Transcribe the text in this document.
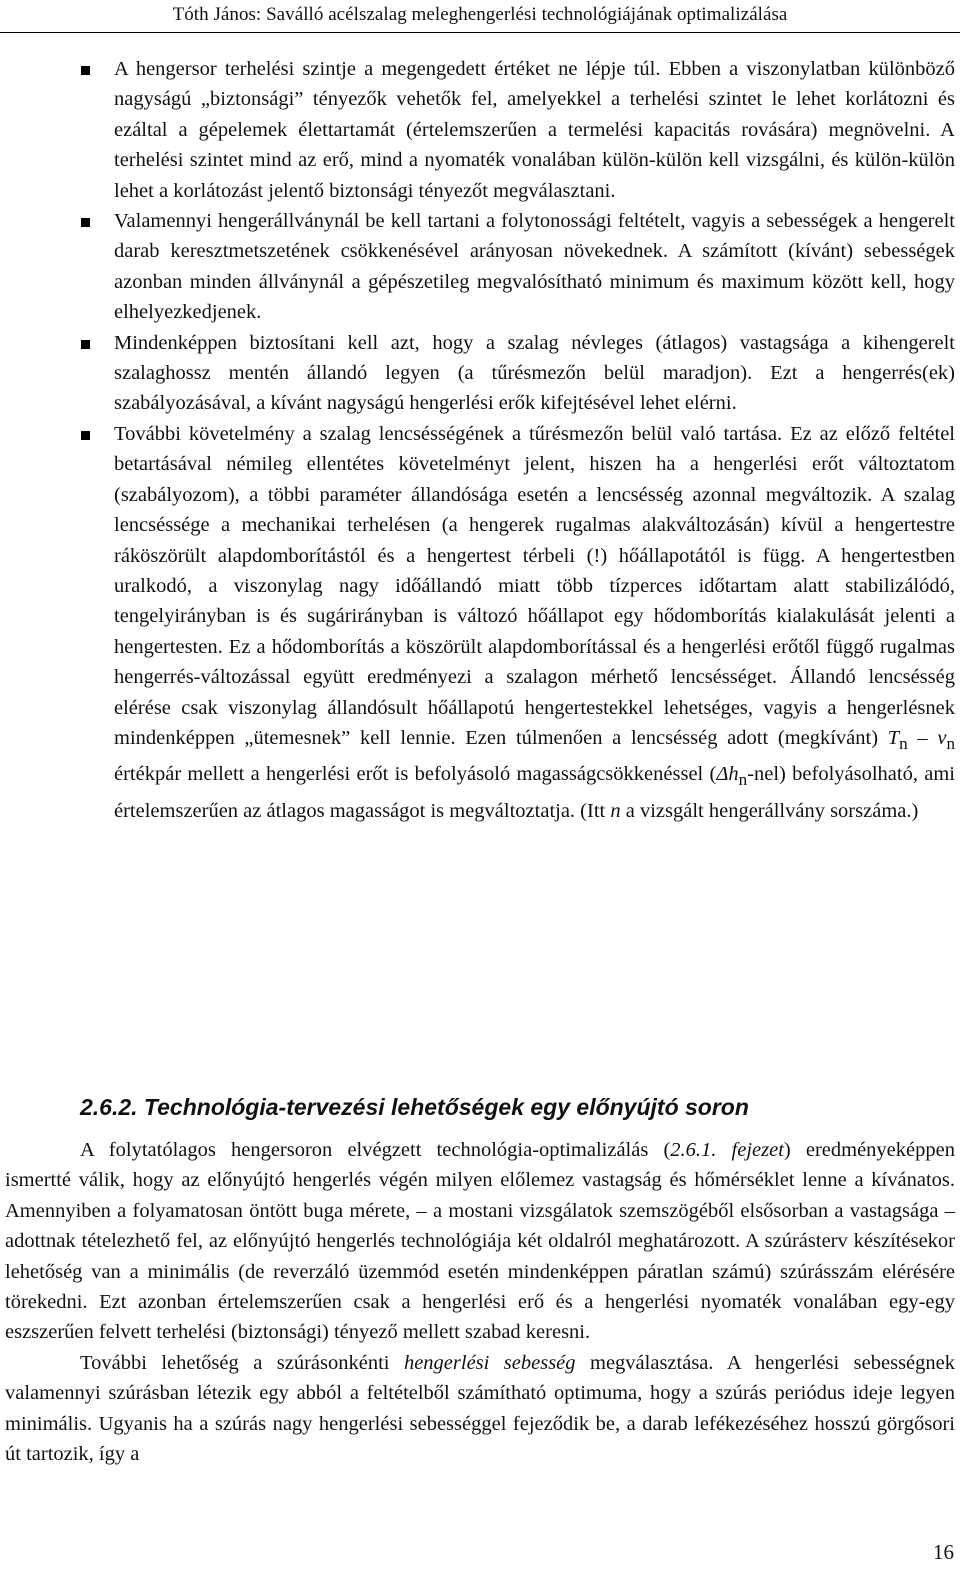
Tóth János: Saválló acélszalag meleghengerlési technológiájának optimalizálása

A hengersor terhelési szintje a megengedett értéket ne lépje túl. Ebben a viszonylatban különböző nagyságú „biztonsági” tényezők vehetők fel, amelyekkel a terhelési szintet le lehet korlátozni és ezáltal a gépelemek élettartamát (értelemszerűen a termelési kapacitás rovására) megnövelni. A terhelési szintet mind az erő, mind a nyomaték vonalában külön-külön kell vizsgálni, és külön-külön lehet a korlátozást jelentő biztonsági tényezőt megválasztani.

Valamennyi hengerállványnál be kell tartani a folytonossági feltételt, vagyis a sebességek a hengerelt darab keresztmetszetének csökkenésével arányosan növekednek. A számított (kívánt) sebességek azonban minden állványnál a gépészetileg megvalósítható minimum és maximum között kell, hogy elhelyezkedjenek.

Mindenképpen biztosítani kell azt, hogy a szalag névleges (átlagos) vastagsága a kihengerelt szalaghossz mentén állandó legyen (a tűrésmezőn belül maradjon). Ezt a hengerrés(ek) szabályozásával, a kívánt nagyságú hengerlési erők kifejtésével lehet elérni.

További követelmény a szalag lencsésségének a tűrésmezőn belül való tartása. Ez az előző feltétel betartásával némileg ellentétes követelményt jelent, hiszen ha a hengerlési erőt változtatom (szabályozom), a többi paraméter állandósága esetén a lencsésség azonnal megváltozik. A szalag lencséssége a mechanikai terhelésen (a hengerek rugalmas alakváltozásán) kívül a hengertestre ráköszörült alapdomborítástól és a hengertest térbeli (!) hőállapotától is függ. A hengertestben uralkodó, a viszonylag nagy időállandó miatt több tízperces időtartam alatt stabilizálódó, tengelyirányban is és sugárirányban is változó hőállapot egy hődomborítás kialakulását jelenti a hengertesten. Ez a hődomborítás a köszörült alapdomborítással és a hengerlési erőtől függő rugalmas hengerrés-változással együtt eredményezi a szalagon mérhető lencsésséget. Állandó lencsésség elérése csak viszonylag állandósult hőállapotú hengertestekkel lehetséges, vagyis a hengerlésnek mindenképpen „ütemesnek” kell lennie. Ezen túlmenően a lencsésség adott (megkívánt) $T_n - v_n$ értékpár mellett a hengerlési erőt is befolyásoló magasságcsökkenéssel $(\Delta h_n-nel)$ befolyásolható, ami értelemszerűen az átlagos magasságot is megváltoztatja. (Itt n a vizsgált hengerállvány sorszáma.)

2.6.2. Technológia-tervezési lehetőségek egy előnyújtó soron

A folytatólagos hengersoron elvégzett technológia-optimalizálás (2.6.1. fejezet) eredményeképpen ismertté válik, hogy az előnyújtó hengerlés végén milyen előlemez vastagság és hőmérséklet lenne a kívánatos. Amennyiben a folyamatosan öntött buga mérete, – a mostani vizsgálatok szemszögéből elsősorban a vastagsága – adottnak tételezhető fel, az előnyújtó hengerlés technológiája két oldalról meghatározott. A szúrásterv készítésekor lehetőség van a minimális (de reverzáló üzemmód esetén mindenképpen páratlan számú) szúrásszám elérésére törekedni. Ezt azonban értelemszerűen csak a hengerlési erő és a hengerlési nyomaték vonalában egy-egy eszszerűen felvett terhelési (biztonsági) tényező mellett szabad keresni.

További lehetőség a szúrásonkénti hengerlési sebesség megválasztása. A hengerlési sebességnek valamennyi szúrásban létezik egy abból a feltételből számítható optimuma, hogy a szúrás periódus ideje legyen minimális. Ugyanis ha a szúrás nagy hengerlési sebességgel fejeződik be, a darab lefékezéséhez hosszú görgősori út tartozik, így a

16
